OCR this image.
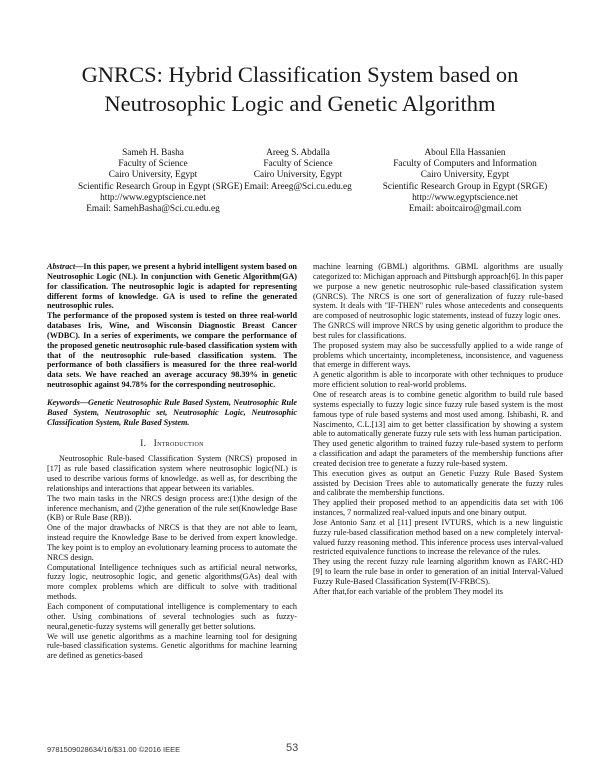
GNRCS: Hybrid Classification System based on
Neutrosophic Logic and Genetic Algorithm
Sameh H. Basha
Faculty of Science
Cairo University, Egypt
Scientific Research Group in Egypt (SRGE)
http://www.egyptscience.net
Email: SamehBasha@Sci.cu.edu.eg
Areeg S. Abdalla
Faculty of Science
Cairo University, Egypt
Email: Areeg@Sci.cu.edu.eg
Aboul Ella Hassanien
Faculty of Computers and Information
Cairo University, Egypt
Scientific Research Group in Egypt (SRGE)
http://www.egyptscience.net
Email: aboitcairo@gmail.com

Abstract—In this paper, we present a hybrid intelligent system based on Neutrosophic Logic (NL). In conjunction with Genetic Algorithm(GA) for classification. The neutrosophic logic is adapted for representing different forms of knowledge. GA is used to refine the generated neutrosophic rules.

The performance of the proposed system is tested on three real-world databases Iris, Wine, and Wisconsin Diagnostic Breast Cancer (WDBC). In a series of experiments, we compare the performance of the proposed genetic neutrosophic rule-based classification system with that of the neutrosophic rule-based classification system. The performance of both classifiers is measured for the three real-world data sets. We have reached an average accuracy 98.39% in genetic neutrosophic against 94.78% for the corresponding neutrosophic.

Keywords—Genetic Neutrosophic Rule Based System, Neutrosophic Rule Based System, Neutrosophic set, Neutrosophic Logic, Neutrosophic Classification System, Rule Based System.

I. Introduction

Neutrosophic Rule-based Classification System (NRCS) proposed in [17] as rule based classification system where neutrosophic logic(NL) is used to describe various forms of knowledge. as well as, for describing the relationships and interactions that appear between its variables.

The two main tasks in the NRCS design process are:(1)the design of the inference mechanism, and (2)the generation of the rule set(Knowledge Base (KB) or Rule Base (RB)).

One of the major drawbacks of NRCS is that they are not able to learn, instead require the Knowledge Base to be derived from expert knowledge. The key point is to employ an evolutionary learning process to automate the NRCS design.

Computational Intelligence techniques such as artificial neural networks, fuzzy logic, neutrosophic logic, and genetic algorithms(GAs) deal with more complex problems which are difficult to solve with traditional methods.

Each component of computational intelligence is complementary to each other. Using combinations of several technologies such as fuzzy-neural,genetic-fuzzy systems will generally get better solutions.

We will use genetic algorithms as a machine learning tool for designing rule-based classification systems. Genetic algorithms for machine learning are defined as genetics-based

machine learning (GBML) algorithms. GBML algorithms are usually categorized to: Michigan approach and Pittsburgh approach[6]. In this paper we purpose a new genetic neutrosophic rule-based classification system (GNRCS). The NRCS is one sort of generalization of fuzzy rule-based system. It deals with "IF-THEN" rules whose antecedents and consequents are composed of neutrosophic logic statements, instead of fuzzy logic ones.

The GNRCS will improve NRCS by using genetic algorithm to produce the best rules for classifications.

The proposed system may also be successfully applied to a wide range of problems which uncertainty, incompleteness, inconsistence, and vagueness that emerge in different ways.

A genetic algorithm is able to incorporate with other techniques to produce more efficient solution to real-world problems.

One of research areas is to combine genetic algorithm to build rule based systems especially to fuzzy logic since fuzzy rule based system is the most famous type of rule based systems and most used among. Ishibashi, R. and Nascimento, C.L.[13] aim to get better classification by showing a system able to automatically generate fuzzy rule sets with less human participation.

They used genetic algorithm to trained fuzzy rule-based system to perform a classification and adapt the parameters of the membership functions after created decision tree to generate a fuzzy rule-based system.

This execution gives as output an Genetic Fuzzy Rule Based System assisted by Decision Trees able to automatically generate the fuzzy rules and calibrate the membership functions.

They applied their proposed method to an appendicitis data set with 106 instances, 7 normalized real-valued inputs and one binary output.

Jose Antonio Sanz et al [11] present IVTURS, which is a new linguistic fuzzy rule-based classification method based on a new completely interval-valued fuzzy reasoning method. This inference process uses interval-valued restricted equivalence functions to increase the relevance of the rules.

They using the recent fuzzy rule learning algorithm known as FARC-HD [9] to learn the rule base in order to generation of an initial Interval-Valued Fuzzy Rule-Based Classification System(IV-FRBCS).

After that,for each variable of the problem They model its

9781509028634/16/$31.00 ©2016 IEEE	53
